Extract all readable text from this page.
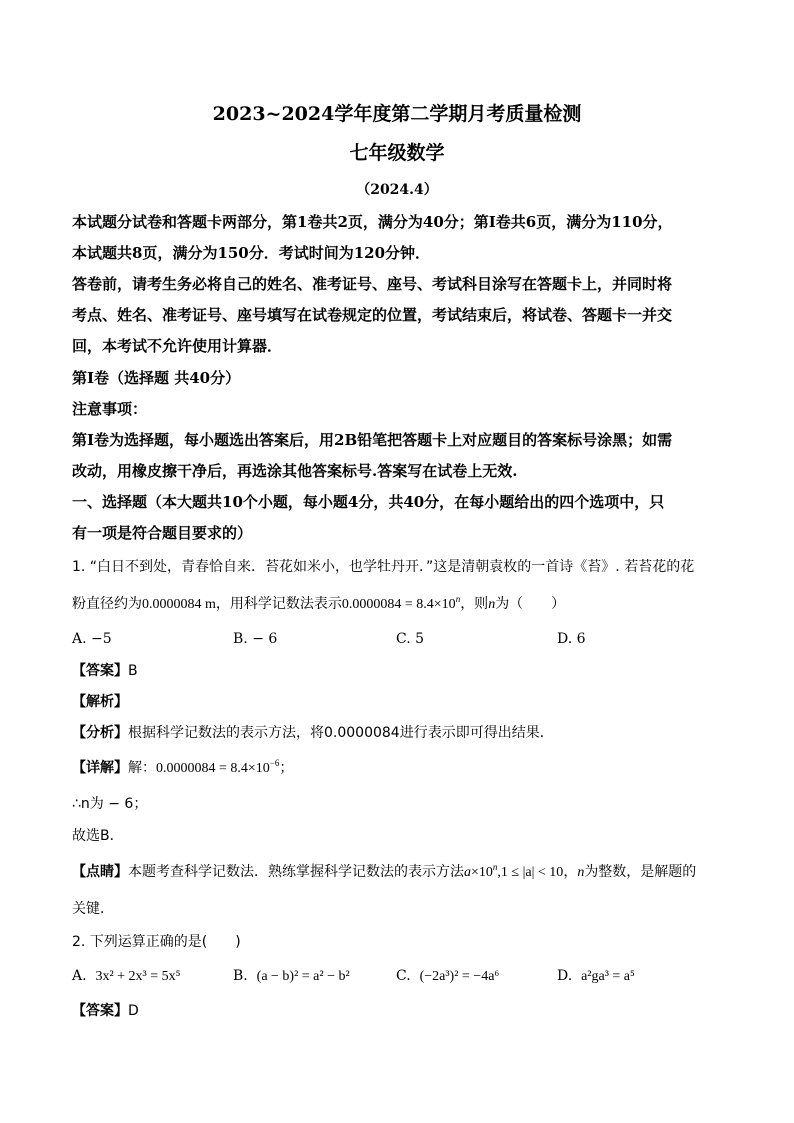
2023~2024学年度第二学期月考质量检测
七年级数学
（2024.4）
本试题分试卷和答题卡两部分，第1卷共2页，满分为40分；第Ⅰ卷共6页，满分为110分，
本试题共8页，满分为150分．考试时间为120分钟．
答卷前，请考生务必将自己的姓名、准考证号、座号、考试科目涂写在答题卡上，并同时将
考点、姓名、准考证号、座号填写在试卷规定的位置，考试结束后，将试卷、答题卡一并交
回，本考试不允许使用计算器．
第Ⅰ卷（选择题 共40分）
注意事项：
第Ⅰ卷为选择题，每小题选出答案后，用2B铅笔把答题卡上对应题目的答案标号涂黑；如需
改动，用橡皮擦干净后，再选涂其他答案标号.答案写在试卷上无效.
一、选择题（本大题共10个小题，每小题4分，共40分，在每小题给出的四个选项中，只
有一项是符合题目要求的）
1. “白日不到处，青春恰自来．苔花如米小，也学牡丹开．”这是清朝袁枚的一首诗《苔》. 若苔花的花
粉直径约为0.0000084 m，用科学记数法表示$0.0000084 = 8.4\times 10^n$，则n为（　　）
A. −5	B. − 6	C. 5	D. 6
【答案】B
【解析】
【分析】根据科学记数法的表示方法，将0.0000084进行表示即可得出结果．
【详解】解：$0.0000084 = 8.4\times 10^{-6}$；
∴n为 − 6；
故选B．
【点睛】本题考查科学记数法．熟练掌握科学记数法的表示方法$a\times 10^n,1 \le |a| < 10$，n为整数，是解题的
关键．
2. 下列运算正确的是(　　)
A. 3x² + 2x³ = 5x⁵	B. (a − b)² = a² − b²	C. (−2a³)² = −4a⁶	D. a²ga³ = a⁵
【答案】D
